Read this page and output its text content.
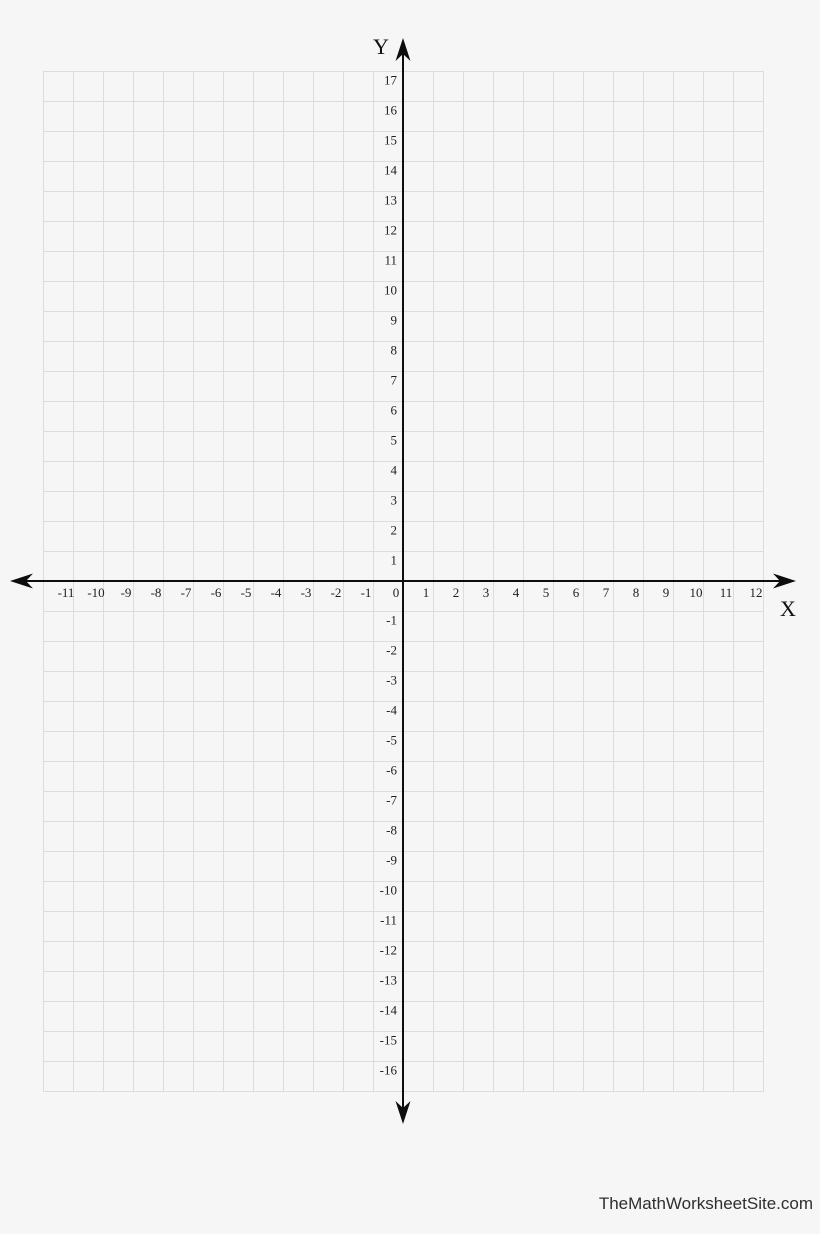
Y
X
-11 -10 -9 -8 -7 -6 -5 -4 -3 -2 -1 0 1 2 3 4 5 6 7 8 9 10 11 12
17
16
15
14
13
12
11
10
9
8
7
6
5
4
3
2
1
-1
-2
-3
-4
-5
-6
-7
-8
-9
-10
-11
-12
-13
-14
-15
-16
TheMathWorksheetSite.com
